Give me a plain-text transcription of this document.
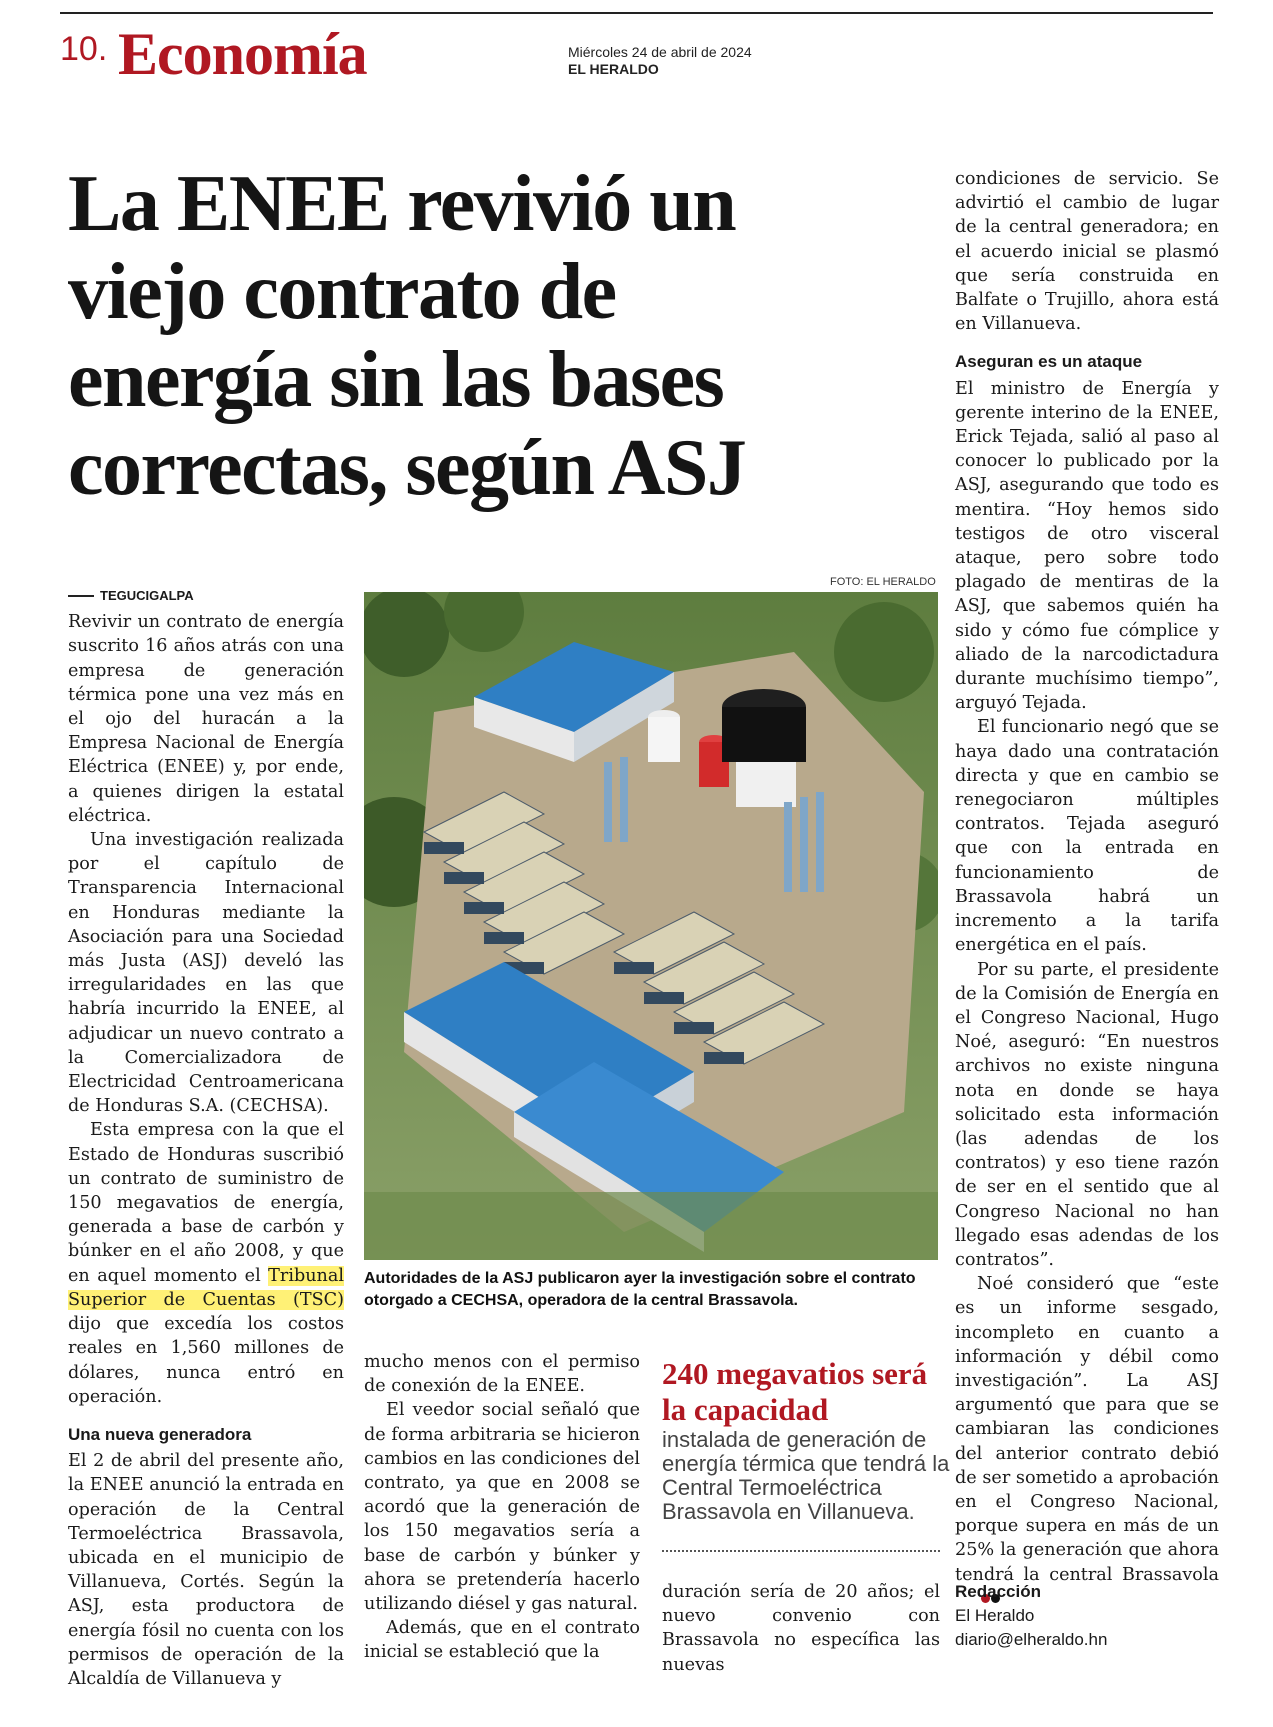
10. Economía	Miércoles 24 de abril de 2024
EL HERALDO
La ENEE revivió un
viejo contrato de
energía sin las bases
correctas, según ASJ
TEGUCIGALPA

Revivir un contrato de energía suscrito 16 años atrás con una empresa de generación térmica pone una vez más en el ojo del huracán a la Empresa Nacional de Energía Eléctrica (ENEE) y, por ende, a quienes dirigen la estatal eléctrica.

Una investigación realizada por el capítulo de Transparencia Internacional en Honduras mediante la Asociación para una Sociedad más Justa (ASJ) develó las irregularidades en las que habría incurrido la ENEE, al adjudicar un nuevo contrato a la Comercializadora de Electricidad Centroamericana de Honduras S.A. (CECHSA).

Esta empresa con la que el Estado de Honduras suscribió un contrato de suministro de 150 megavatios de energía, generada a base de carbón y búnker en el año 2008, y que en aquel momento el Tribunal Superior de Cuentas (TSC) dijo que excedía los costos reales en 1,560 millones de dólares, nunca entró en operación.

Una nueva generadora

El 2 de abril del presente año, la ENEE anunció la entrada en operación de la Central Termoeléctrica Brassavola, ubicada en el municipio de Villanueva, Cortés. Según la ASJ, esta productora de energía fósil no cuenta con los permisos de operación de la Alcaldía de Villanueva y

FOTO: EL HERALDO
Autoridades de la ASJ publicaron ayer la investigación sobre el contrato otorgado a CECHSA, operadora de la central Brassavola.

mucho menos con el permiso de conexión de la ENEE.

El veedor social señaló que de forma arbitraria se hicieron cambios en las condiciones del contrato, ya que en 2008 se acordó que la generación de los 150 megavatios sería a base de carbón y búnker y ahora se pretendería hacerlo utilizando diésel y gas natural.

Además, que en el contrato inicial se estableció que la

240 megavatios será la capacidad
instalada de generación de energía térmica que tendrá la Central Termoeléctrica Brassavola en Villanueva.

duración sería de 20 años; el nuevo convenio con Brassavola no específica las nuevas

condiciones de servicio. Se advirtió el cambio de lugar de la central generadora; en el acuerdo inicial se plasmó que sería construida en Balfate o Trujillo, ahora está en Villanueva.

Aseguran es un ataque

El ministro de Energía y gerente interino de la ENEE, Erick Tejada, salió al paso al conocer lo publicado por la ASJ, asegurando que todo es mentira. “Hoy hemos sido testigos de otro visceral ataque, pero sobre todo plagado de mentiras de la ASJ, que sabemos quién ha sido y cómo fue cómplice y aliado de la narcodictadura durante muchísimo tiempo”, arguyó Tejada.

El funcionario negó que se haya dado una contratación directa y que en cambio se renegociaron múltiples contratos. Tejada aseguró que con la entrada en funcionamiento de Brassavola habrá un incremento a la tarifa energética en el país.

Por su parte, el presidente de la Comisión de Energía en el Congreso Nacional, Hugo Noé, aseguró: “En nuestros archivos no existe ninguna nota en donde se haya solicitado esta información (las adendas de los contratos) y eso tiene razón de ser en el sentido que al Congreso Nacional no han llegado esas adendas de los contratos”.

Noé consideró que “este es un informe sesgado, incompleto en cuanto a información y débil como investigación”. La ASJ argumentó que para que se cambiaran las condiciones del anterior contrato debió de ser sometido a aprobación en el Congreso Nacional, porque supera en más de un 25% la generación que ahora tendrá la central Brassavola

Redacción
El Heraldo
diario@elheraldo.hn
